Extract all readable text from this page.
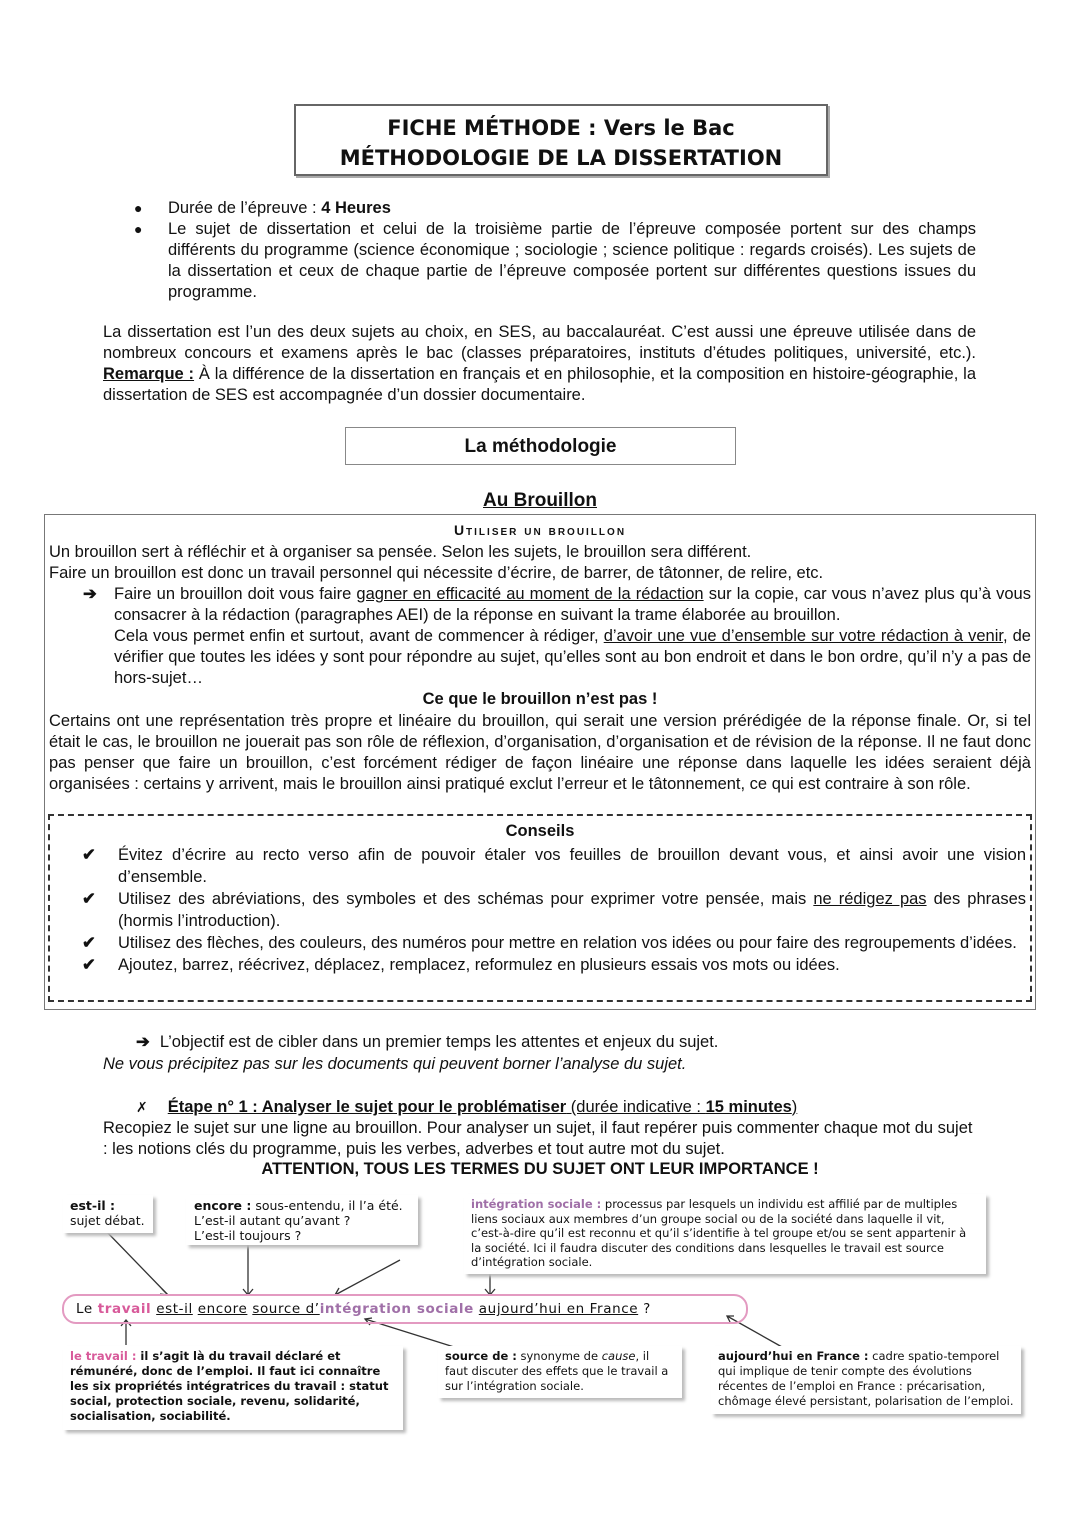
FICHE MÉTHODE : Vers le Bac
MÉTHODOLOGIE DE LA DISSERTATION
● Durée de l’épreuve : 4 Heures
● Le sujet de dissertation et celui de la troisième partie de l’épreuve composée portent sur des champs différents du programme (science économique ; sociologie ; science politique : regards croisés). Les sujets de la dissertation et ceux de chaque partie de l’épreuve composée portent sur différentes questions issues du programme.
La dissertation est l’un des deux sujets au choix, en SES, au baccalauréat. C’est aussi une épreuve utilisée dans de nombreux concours et examens après le bac (classes préparatoires, instituts d’études politiques, université, etc.). Remarque : À la différence de la dissertation en français et en philosophie, et la composition en histoire-géographie, la dissertation de SES est accompagnée d’un dossier documentaire.
La méthodologie
Au Brouillon
Utiliser un brouillon
Un brouillon sert à réfléchir et à organiser sa pensée. Selon les sujets, le brouillon sera différent.
Faire un brouillon est donc un travail personnel qui nécessite d’écrire, de barrer, de tâtonner, de relire, etc.
➔ Faire un brouillon doit vous faire gagner en efficacité au moment de la rédaction sur la copie, car vous n’avez plus qu’à vous consacrer à la rédaction (paragraphes AEI) de la réponse en suivant la trame élaborée au brouillon.
Cela vous permet enfin et surtout, avant de commencer à rédiger, d’avoir une vue d’ensemble sur votre rédaction à venir, de vérifier que toutes les idées y sont pour répondre au sujet, qu’elles sont au bon endroit et dans le bon ordre, qu’il n’y a pas de hors-sujet…
Ce que le brouillon n’est pas !
Certains ont une représentation très propre et linéaire du brouillon, qui serait une version prérédigée de la réponse finale. Or, si tel était le cas, le brouillon ne jouerait pas son rôle de réflexion, d’organisation, d’organisation et de révision de la réponse. Il ne faut donc pas penser que faire un brouillon, c’est forcément rédiger de façon linéaire une réponse dans laquelle les idées seraient déjà organisées : certains y arrivent, mais le brouillon ainsi pratiqué exclut l’erreur et le tâtonnement, ce qui est contraire à son rôle.
Conseils
✔ Évitez d’écrire au recto verso afin de pouvoir étaler vos feuilles de brouillon devant vous, et ainsi avoir une vision d’ensemble.
✔ Utilisez des abréviations, des symboles et des schémas pour exprimer votre pensée, mais ne rédigez pas des phrases (hormis l’introduction).
✔ Utilisez des flèches, des couleurs, des numéros pour mettre en relation vos idées ou pour faire des regroupements d’idées.
✔ Ajoutez, barrez, réécrivez, déplacez, remplacez, reformulez en plusieurs essais vos mots ou idées.
➔ L’objectif est de cibler dans un premier temps les attentes et enjeux du sujet.
Ne vous précipitez pas sur les documents qui peuvent borner l’analyse du sujet.
✗ Étape n° 1 : Analyser le sujet pour le problématiser (durée indicative : 15 minutes)
Recopiez le sujet sur une ligne au brouillon. Pour analyser un sujet, il faut repérer puis commenter chaque mot du sujet : les notions clés du programme, puis les verbes, adverbes et tout autre mot du sujet.
ATTENTION, TOUS LES TERMES DU SUJET ONT LEUR IMPORTANCE !
est-il :
sujet débat.
encore : sous-entendu, il l’a été.
L’est-il autant qu’avant ?
L’est-il toujours ?
intégration sociale : processus par lesquels un individu est affilié par de multiples liens sociaux aux membres d’un groupe social ou de la société dans laquelle il vit, c’est-à-dire qu’il est reconnu et qu’il s’identifie à tel groupe et/ou se sent appartenir à la société. Ici il faudra discuter des conditions dans lesquelles le travail est source d’intégration sociale.
Le travail est-il encore source d’intégration sociale aujourd’hui en France ?
le travail : il s’agit là du travail déclaré et rémunéré, donc de l’emploi. Il faut ici connaître les six propriétés intégratrices du travail : statut social, protection sociale, revenu, solidarité, socialisation, sociabilité.
source de : synonyme de cause, il faut discuter des effets que le travail a sur l’intégration sociale.
aujourd’hui en France : cadre spatio-temporel qui implique de tenir compte des évolutions récentes de l’emploi en France : précarisation, chômage élevé persistant, polarisation de l’emploi.
